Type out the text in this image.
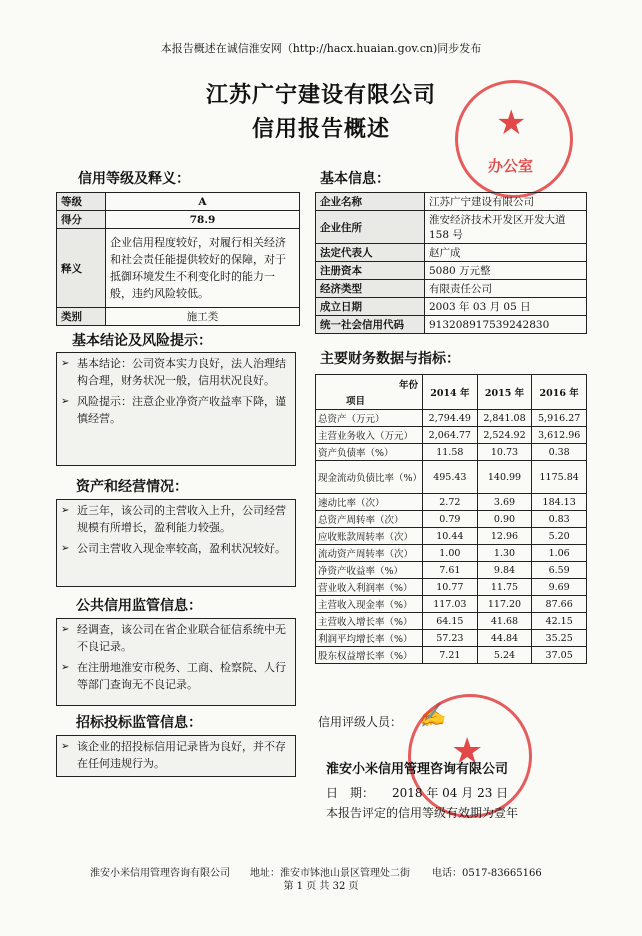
本报告概述在诚信淮安网（http://hacx.huaian.gov.cn)同步发布
江苏广宁建设有限公司
信用报告概述	★
办公室
信用等级及释义：
等级	A
得分	78.9
释义	企业信用程度较好，对履行相关经济和社会责任能提供较好的保障，对于抵御环境发生不利变化时的能力一般，违约风险较低。
类别	施工类
基本信息：
企业名称	江苏广宁建设有限公司
企业住所	淮安经济技术开发区开发大道 158 号
法定代表人	赵广成
注册资本	5080 万元整
经济类型	有限责任公司
成立日期	2003 年 03 月 05 日
统一社会信用代码	913208917539242830
基本结论及风险提示：
➢ 基本结论：公司资本实力良好，法人治理结构合理，财务状况一般，信用状况良好。
➢ 风险提示：注意企业净资产收益率下降，谨慎经营。
资产和经营情况：
➢ 近三年，该公司的主营收入上升，公司经营规模有所增长，盈利能力较强。
➢ 公司主营收入现金率较高，盈利状况较好。
公共信用监管信息：
➢ 经调查，该公司在省企业联合征信系统中无不良记录。
➢ 在注册地淮安市税务、工商、检察院、人行等部门查询无不良记录。
招标投标监管信息：
➢ 该企业的招投标信用记录皆为良好，并不存在任何违规行为。
主要财务数据与指标：
年份
项目	2014 年	2015 年	2016 年
总资产（万元）	2,794.49	2,841.08	5,916.27
主营业务收入（万元）	2,064.77	2,524.92	3,612.96
资产负债率（%）	11.58	10.73	0.38
现金流动负债比率（%）	495.43	140.99	1175.84
速动比率（次）	2.72	3.69	184.13
总资产周转率（次）	0.79	0.90	0.83
应收账款周转率（次）	10.44	12.96	5.20
流动资产周转率（次）	1.00	1.30	1.06
净资产收益率（%）	7.61	9.84	6.59
营业收入利润率（%）	10.77	11.75	9.69
主营收入现金率（%）	117.03	117.20	87.66
主营收入增长率（%）	64.15	41.68	42.15
利润平均增长率（%）	57.23	44.84	35.25
股东权益增长率（%）	7.21	5.24	37.05
信用评级人员： ✍
★
淮安小米信用管理咨询有限公司
日　期： 2018 年 04 月 23 日
本报告评定的信用等级有效期为壹年
淮安小米信用管理咨询有限公司 地址：淮安市钵池山景区管理处二街 电话：0517-83665166
第 1 页 共 32 页
